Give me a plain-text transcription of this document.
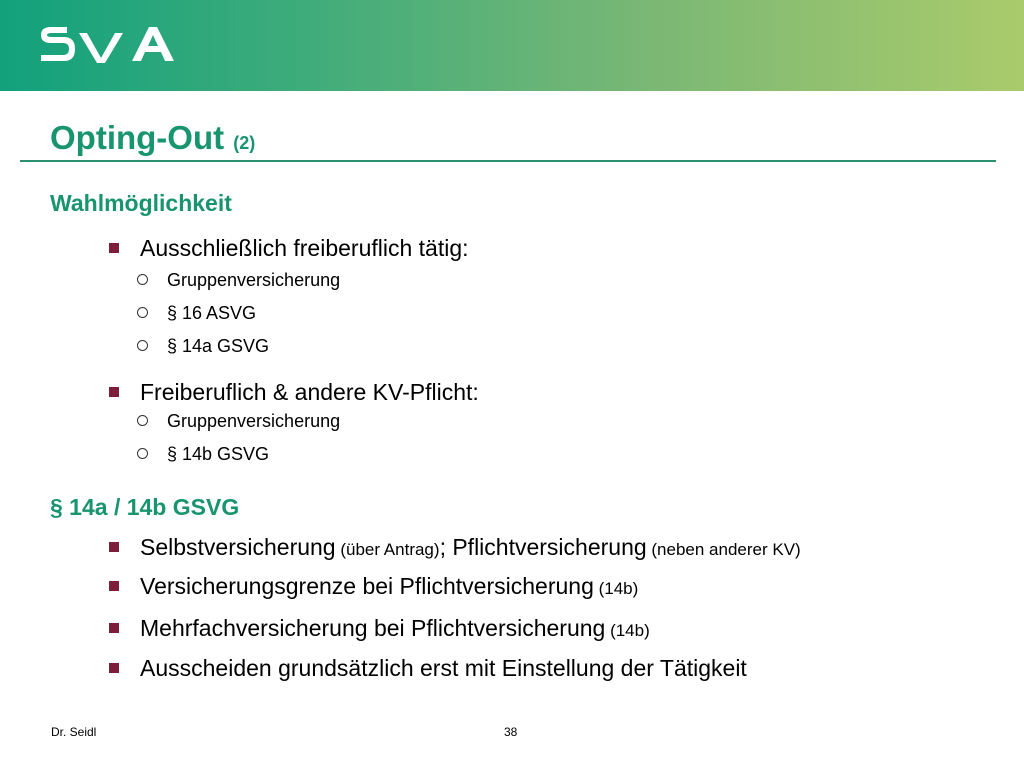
Opting-Out (2)
Wahlmöglichkeit
Ausschließlich freiberuflich tätig:
Gruppenversicherung
§ 16 ASVG
§ 14a GSVG
Freiberuflich & andere KV-Pflicht:
Gruppenversicherung
§ 14b GSVG
§ 14a / 14b GSVG
Selbstversicherung (über Antrag); Pflichtversicherung (neben anderer KV)
Versicherungsgrenze bei Pflichtversicherung (14b)
Mehrfachversicherung bei Pflichtversicherung (14b)
Ausscheiden grundsätzlich erst mit Einstellung der Tätigkeit
Dr. Seidl	38
